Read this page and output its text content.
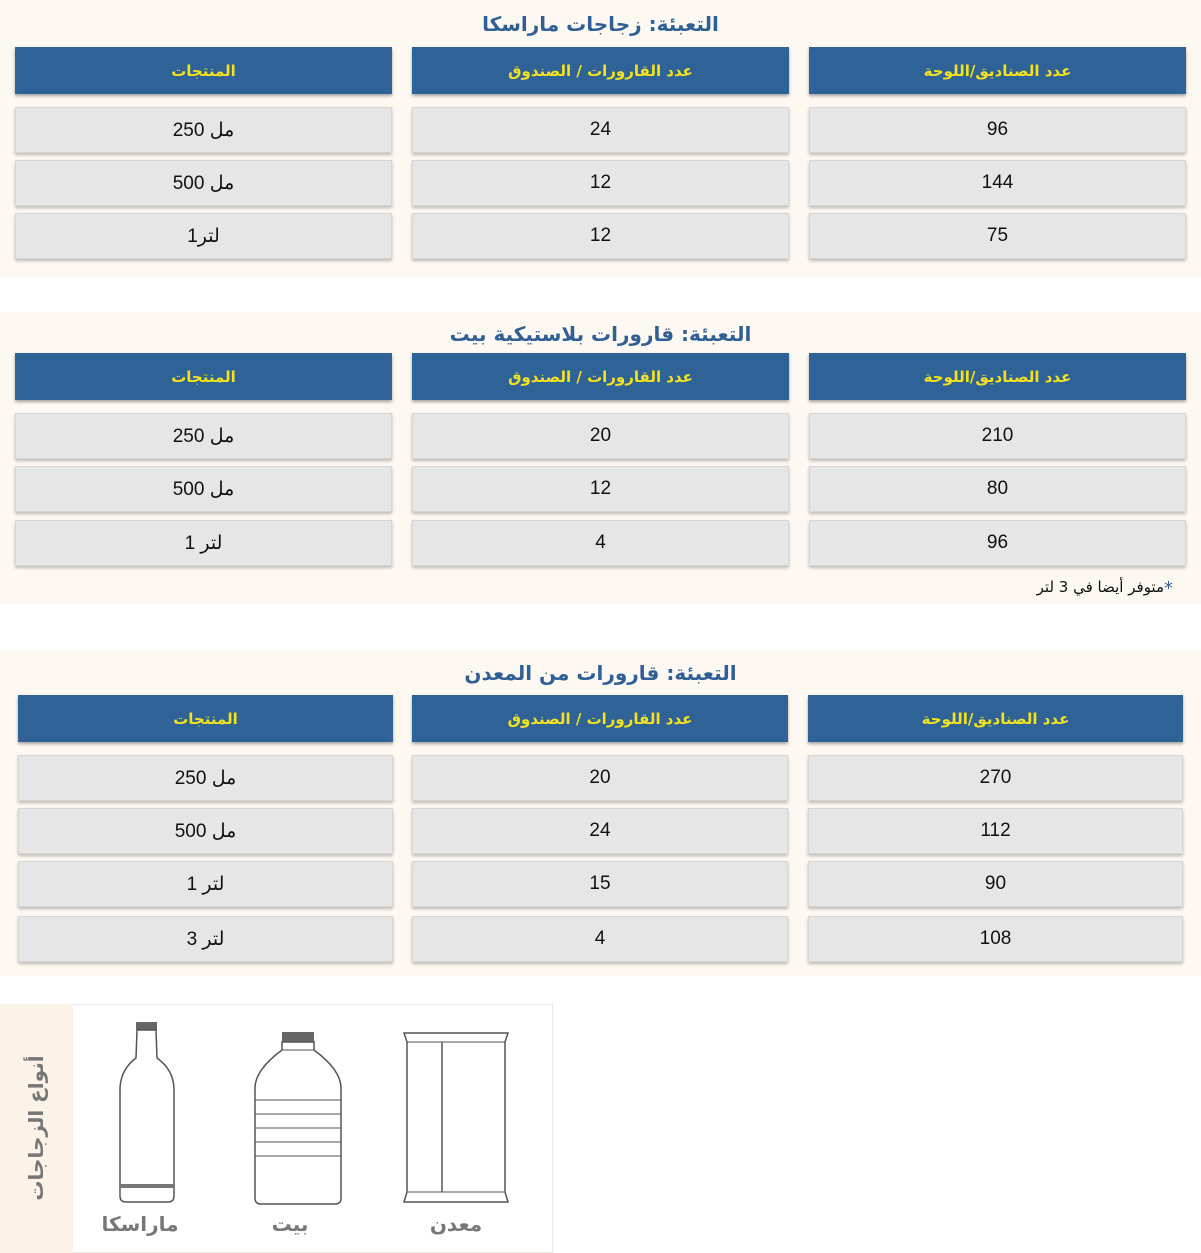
التعبئة: زجاجات ماراسكا
عدد الصناديق/اللوحة
عدد القارورات / الصندوق
المنتجات
96
24
250 مل
144
12
500 مل
75
12
1لتر
التعبئة: قارورات بلاستيكية بيت
عدد الصناديق/اللوحة
عدد القارورات / الصندوق
المنتجات
210
20
250 مل
80
12
500 مل
96
4
1 لتر
*متوفر أيضا في 3 لتر
التعبئة: قارورات من المعدن
عدد الصناديق/اللوحة
عدد القارورات / الصندوق
المنتجات
270
20
250 مل
112
24
500 مل
90
15
1 لتر
108
4
3 لتر
أنواع الزجاجات
ماراسكا	بيت	معدن
